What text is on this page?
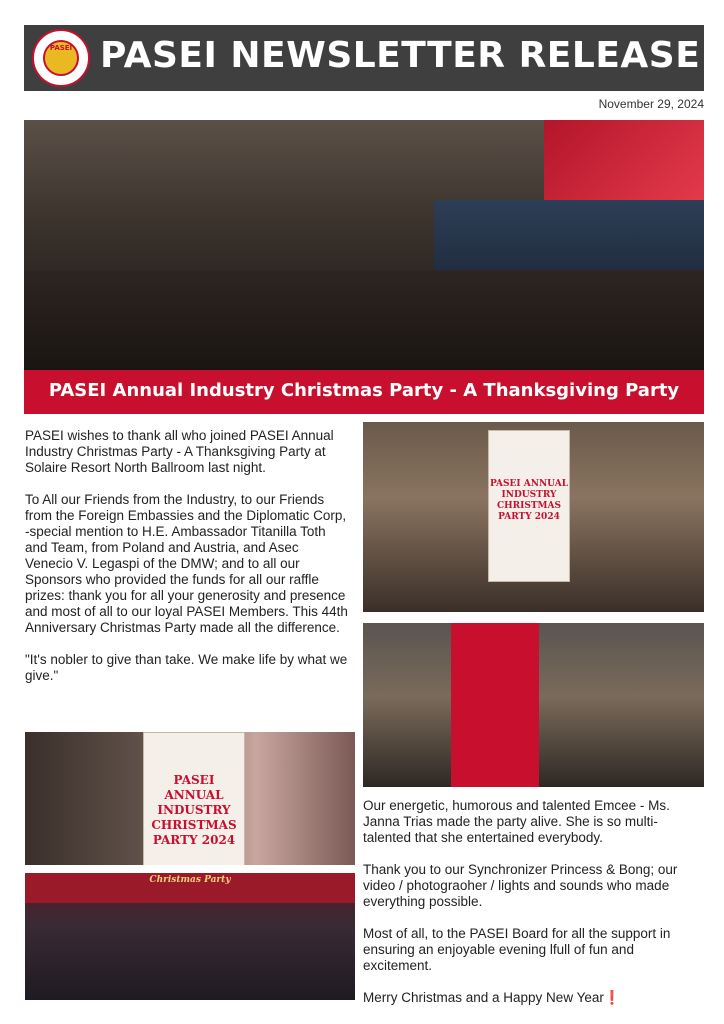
PASEI PASEI NEWSLETTER RELEASE
November 29, 2024
PASEI Annual Industry Christmas Party - A Thanksgiving Party

PASEI wishes to thank all who joined PASEI Annual Industry Christmas Party - A Thanksgiving Party at Solaire Resort North Ballroom last night.

To All our Friends from the Industry, to our Friends from the Foreign Embassies and the Diplomatic Corp, -special mention to H.E. Ambassador Titanilla Toth and Team, from Poland and Austria, and Asec Venecio V. Legaspi of the DMW; and to all our Sponsors who provided the funds for all our raffle prizes: thank you for all your generosity and presence and most of all to our loyal PASEI Members. This 44th Anniversary Christmas Party made all the difference.

"It's nobler to give than take. We make life by what we give."

PASEI ANNUAL INDUSTRY CHRISTMAS PARTY 2024
PASEI ANNUAL INDUSTRY CHRISTMAS PARTY 2024
Christmas Party

Our energetic, humorous and talented Emcee - Ms. Janna Trias made the party alive. She is so multi-talented that she entertained everybody.

Thank you to our Synchronizer Princess & Bong; our video / photograoher / lights and sounds who made everything possible.

Most of all, to the PASEI Board for all the support in ensuring an enjoyable evening lfull of fun and excitement.

Merry Christmas and a Happy New Year❗
